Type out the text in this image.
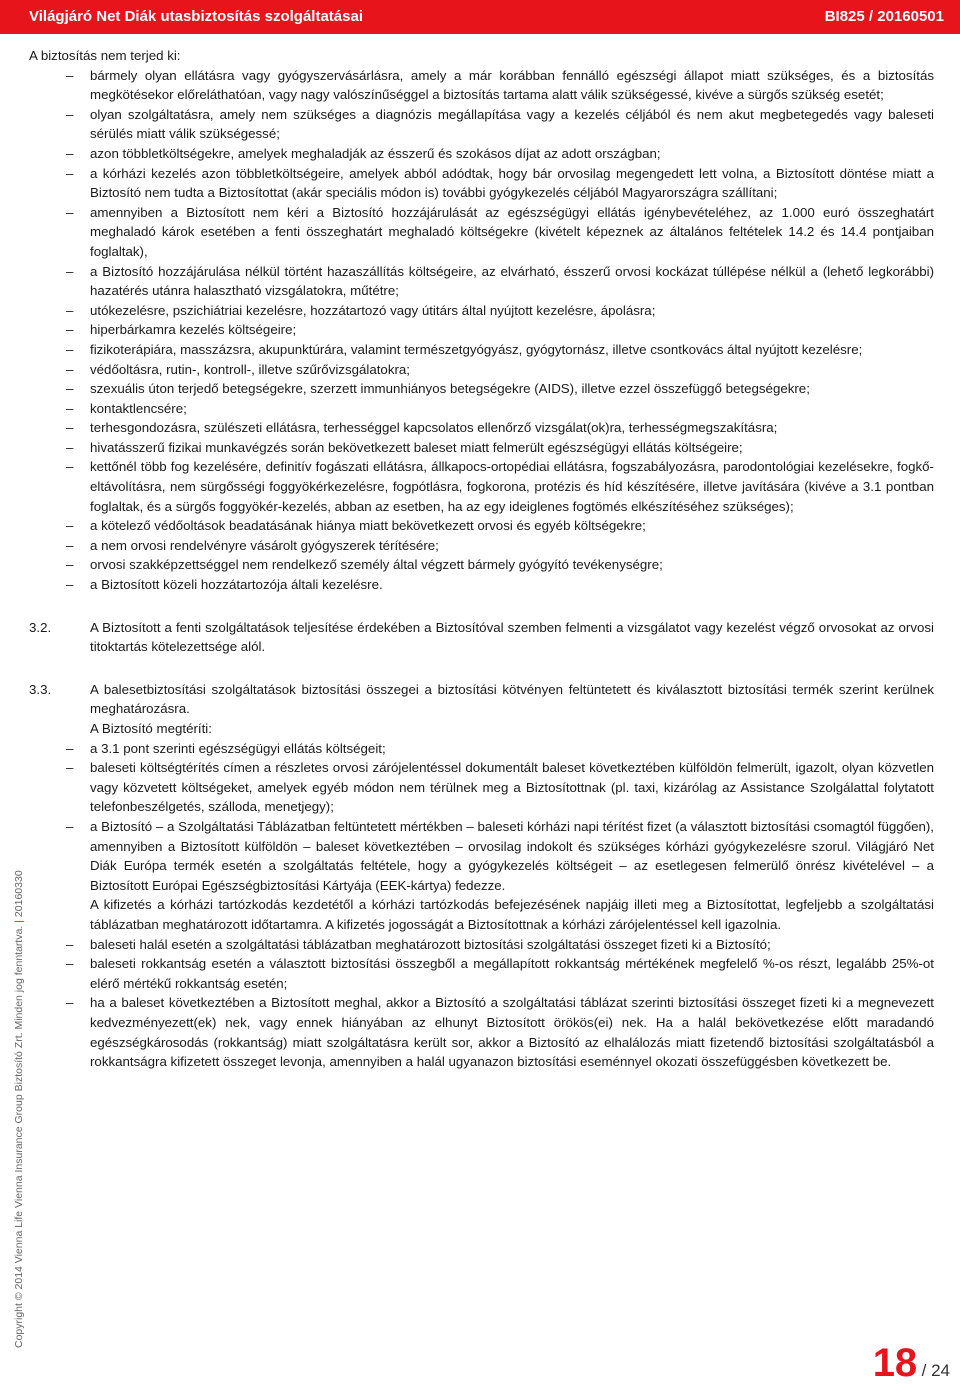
Világjáró Net Diák utasbiztosítás szolgáltatásai	BI825 / 20160501

A biztosítás nem terjed ki:

– bármely olyan ellátásra vagy gyógyszervásárlásra, amely a már korábban fennálló egészségi állapot miatt szükséges, és a biztosítás megkötésekor előreláthatóan, vagy nagy valószínűséggel a biztosítás tartama alatt válik szükségessé, kivéve a sürgős szükség esetét;
– olyan szolgáltatásra, amely nem szükséges a diagnózis megállapítása vagy a kezelés céljából és nem akut megbetegedés vagy baleseti sérülés miatt válik szükségessé;
– azon többletköltségekre, amelyek meghaladják az ésszerű és szokásos díjat az adott országban;
– a kórházi kezelés azon többletköltségeire, amelyek abból adódtak, hogy bár orvosilag megengedett lett volna, a Biztosított döntése miatt a Biztosító nem tudta a Biztosítottat (akár speciális módon is) további gyógykezelés céljából Magyarországra szállítani;
– amennyiben a Biztosított nem kéri a Biztosító hozzájárulását az egészségügyi ellátás igénybevételéhez, az 1.000 euró összeghatárt meghaladó károk esetében a fenti összeghatárt meghaladó költségekre (kivételt képeznek az általános feltételek 14.2 és 14.4 pontjaiban foglaltak),
– a Biztosító hozzájárulása nélkül történt hazaszállítás költségeire, az elvárható, ésszerű orvosi kockázat túllépése nélkül a (lehető legkorábbi) hazatérés utánra halasztható vizsgálatokra, műtétre;
– utókezelésre, pszichiátriai kezelésre, hozzátartozó vagy útitárs által nyújtott kezelésre, ápolásra;
– hiperbárkamra kezelés költségeire;
– fizikoterápiára, masszázsra, akupunktúrára, valamint természetgyógyász, gyógytornász, illetve csontkovács által nyújtott kezelésre;
– védőoltásra, rutin-, kontroll-, illetve szűrővizsgálatokra;
– szexuális úton terjedő betegségekre, szerzett immunhiányos betegségekre (AIDS), illetve ezzel összefüggő betegségekre;
– kontaktlencsére;
– terhesgondozásra, szülészeti ellátásra, terhességgel kapcsolatos ellenőrző vizsgálat(ok)ra, terhességmegszakításra;
– hivatásszerű fizikai munkavégzés során bekövetkezett baleset miatt felmerült egészségügyi ellátás költségeire;
– kettőnél több fog kezelésére, definitív fogászati ellátásra, állkapocs-ortopédiai ellátásra, fogszabályozásra, parodontológiai kezelésekre, fogkő-eltávolításra, nem sürgősségi foggyökérkezelésre, fogpótlásra, fogkorona, protézis és híd készítésére, illetve javítására (kivéve a 3.1 pontban foglaltak, és a sürgős foggyökér-kezelés, abban az esetben, ha az egy ideiglenes fogtömés elkészítéséhez szükséges);
– a kötelező védőoltások beadatásának hiánya miatt bekövetkezett orvosi és egyéb költségekre;
– a nem orvosi rendelvényre vásárolt gyógyszerek térítésére;
– orvosi szakképzettséggel nem rendelkező személy által végzett bármely gyógyító tevékenységre;
– a Biztosított közeli hozzátartozója általi kezelésre.
3.2.	A Biztosított a fenti szolgáltatások teljesítése érdekében a Biztosítóval szemben felmenti a vizsgálatot vagy kezelést végző orvosokat az orvosi titoktartás kötelezettsége alól.
3.3.	A balesetbiztosítási szolgáltatások biztosítási összegei a biztosítási kötvényen feltüntetett és kiválasztott biztosítási termék szerint kerülnek meghatározásra.
A Biztosító megtéríti:
– a 3.1 pont szerinti egészségügyi ellátás költségeit;
– baleseti költségtérítés címen a részletes orvosi zárójelentéssel dokumentált baleset következtében külföldön felmerült, igazolt, olyan közvetlen vagy közvetett költségeket, amelyek egyéb módon nem térülnek meg a Biztosítottnak (pl. taxi, kizárólag az Assistance Szolgálattal folytatott telefonbeszélgetés, szálloda, menetjegy);
– a Biztosító – a Szolgáltatási Táblázatban feltüntetett mértékben – baleseti kórházi napi térítést fizet (a választott biztosítási csomagtól függően), amennyiben a Biztosított külföldön – baleset következtében – orvosilag indokolt és szükséges kórházi gyógykezelésre szorul. Világjáró Net Diák Európa termék esetén a szolgáltatás feltétele, hogy a gyógykezelés költségeit – az esetlegesen felmerülő önrész kivételével – a Biztosított Európai Egészségbiztosítási Kártyája (EEK-kártya) fedezze.
A kifizetés a kórházi tartózkodás kezdetétől a kórházi tartózkodás befejezésének napjáig illeti meg a Biztosítottat, legfeljebb a szolgáltatási táblázatban meghatározott időtartamra. A kifizetés jogosságát a Biztosítottnak a kórházi zárójelentéssel kell igazolnia.
– baleseti halál esetén a szolgáltatási táblázatban meghatározott biztosítási szolgáltatási összeget fizeti ki a Biztosító;
– baleseti rokkantság esetén a választott biztosítási összegből a megállapított rokkantság mértékének megfelelő %-os részt, legalább 25%-ot elérő mértékű rokkantság esetén;
– ha a baleset következtében a Biztosított meghal, akkor a Biztosító a szolgáltatási táblázat szerinti biztosítási összeget fizeti ki a megnevezett kedvezményezett(ek) nek, vagy ennek hiányában az elhunyt Biztosított örökös(ei) nek. Ha a halál bekövetkezése előtt maradandó egészségkárosodás (rokkantság) miatt szolgáltatásra került sor, akkor a Biztosító az elhalálozás miatt fizetendő biztosítási szolgáltatásból a rokkantságra kifizetett összeget levonja, amennyiben a halál ugyanazon biztosítási eseménnyel okozati összefüggésben következett be.
Copyright © 2014 Vienna Life Vienna Insurance Group Biztosító Zrt. Minden jog fenntartva. | 20160330
18 / 24
